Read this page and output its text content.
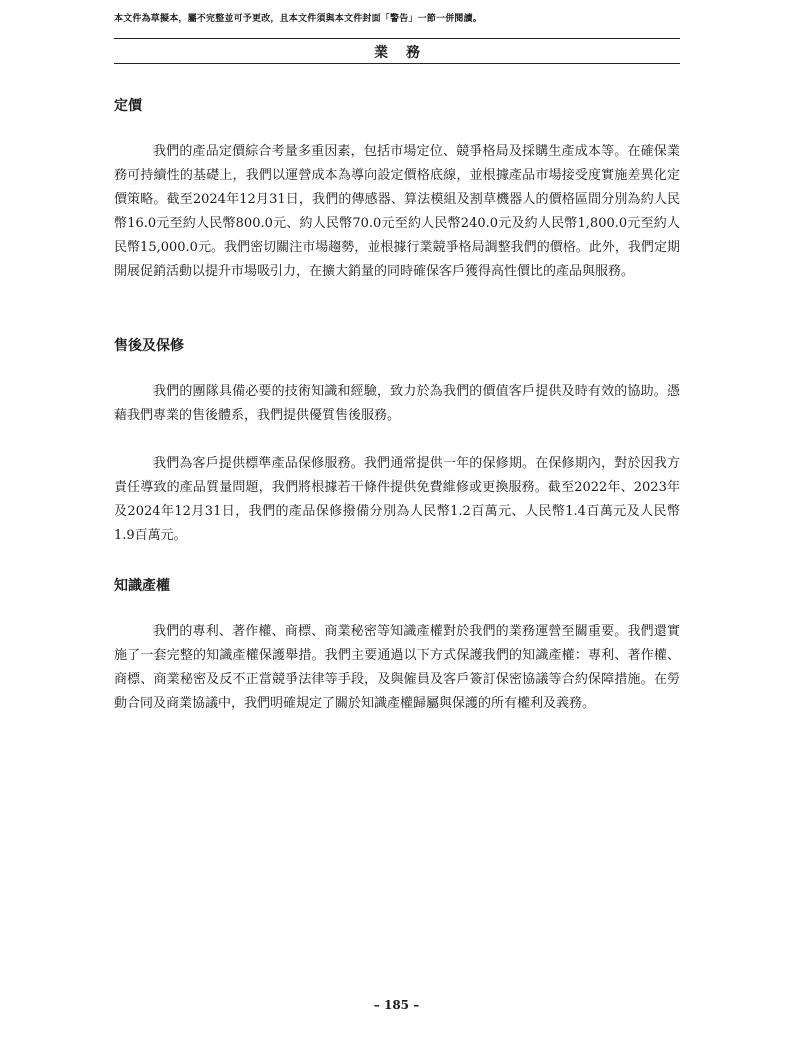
本文件為草擬本，屬不完整並可予更改，且本文件須與本文件封面「警告」一節一併閱讀。
業務
定價

我們的產品定價綜合考量多重因素，包括市場定位、競爭格局及採購生產成本等。在確保業務可持續性的基礎上，我們以運營成本為導向設定價格底線，並根據產品市場接受度實施差異化定價策略。截至2024年12月31日，我們的傳感器、算法模組及割草機器人的價格區間分別為約人民幣16.0元至約人民幣800.0元、約人民幣70.0元至約人民幣240.0元及約人民幣1,800.0元至約人民幣15,000.0元。我們密切關注市場趨勢，並根據行業競爭格局調整我們的價格。此外，我們定期開展促銷活動以提升市場吸引力，在擴大銷量的同時確保客戶獲得高性價比的產品與服務。

售後及保修

我們的團隊具備必要的技術知識和經驗，致力於為我們的價值客戶提供及時有效的協助。憑藉我們專業的售後體系，我們提供優質售後服務。

我們為客戶提供標準產品保修服務。我們通常提供一年的保修期。在保修期內，對於因我方責任導致的產品質量問題，我們將根據若干條件提供免費維修或更換服務。截至2022年、2023年及2024年12月31日，我們的產品保修撥備分別為人民幣1.2百萬元、人民幣1.4百萬元及人民幣1.9百萬元。

知識產權

我們的專利、著作權、商標、商業秘密等知識產權對於我們的業務運營至關重要。我們還實施了一套完整的知識產權保護舉措。我們主要通過以下方式保護我們的知識產權：專利、著作權、商標、商業秘密及反不正當競爭法律等手段，及與僱員及客戶簽訂保密協議等合約保障措施。在勞動合同及商業協議中，我們明確規定了關於知識產權歸屬與保護的所有權利及義務。

– 185 –
